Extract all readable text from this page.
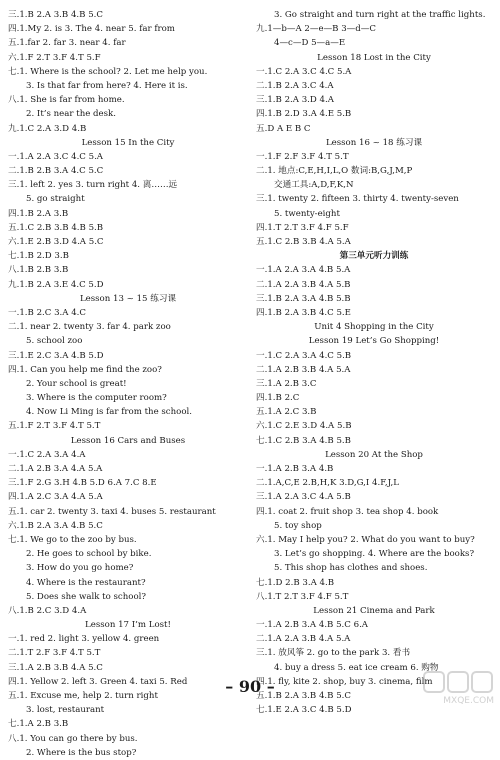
三.1.B 2.A 3.B 4.B 5.C
四.1.My 2. is 3. The 4. near 5. far from
五.1.far 2. far 3. near 4. far
六.1.F 2.T 3.F 4.T 5.F
七.1. Where is the school? 2. Let me help you.
3. Is that far from here? 4. Here it is.
八.1. She is far from home.
2. It’s near the desk.
九.1.C 2.A 3.D 4.B
Lesson 15 In the City
一.1.A 2.A 3.C 4.C 5.A
二.1.B 2.B 3.A 4.C 5.C
三.1. left 2. yes 3. turn right 4. 离……远
5. go straight
四.1.B 2.A 3.B
五.1.C 2.B 3.B 4.B 5.B
六.1.E 2.B 3.D 4.A 5.C
七.1.B 2.D 3.B
八.1.B 2.B 3.B
九.1.B 2.A 3.E 4.C 5.D
Lesson 13 ~ 15 练习课
一.1.B 2.C 3.A 4.C
二.1. near 2. twenty 3. far 4. park zoo
5. school zoo
三.1.E 2.C 3.A 4.B 5.D
四.1. Can you help me find the zoo?
2. Your school is great!
3. Where is the computer room?
4. Now Li Ming is far from the school.
五.1.F 2.T 3.F 4.T 5.T
Lesson 16 Cars and Buses
一.1.C 2.A 3.A 4.A
二.1.A 2.B 3.A 4.A 5.A
三.1.F 2.G 3.H 4.B 5.D 6.A 7.C 8.E
四.1.A 2.C 3.A 4.A 5.A
五.1. car 2. twenty 3. taxi 4. buses 5. restaurant
六.1.B 2.A 3.A 4.B 5.C
七.1. We go to the zoo by bus.
2. He goes to school by bike.
3. How do you go home?
4. Where is the restaurant?
5. Does she walk to school?
八.1.B 2.C 3.D 4.A
Lesson 17 I’m Lost!
一.1. red 2. light 3. yellow 4. green
二.1.T 2.F 3.F 4.T 5.T
三.1.A 2.B 3.B 4.A 5.C
四.1. Yellow 2. left 3. Green 4. taxi 5. Red
五.1. Excuse me, help 2. turn right
3. lost, restaurant
七.1.A 2.B 3.B
八.1. You can go there by bus.
2. Where is the bus stop?
3. Go straight and turn right at the traffic lights.
九.1—b—A 2—e—B 3—d—C
4—c—D 5—a—E
Lesson 18 Lost in the City
一.1.C 2.A 3.C 4.C 5.A
二.1.B 2.A 3.C 4.A
三.1.B 2.A 3.D 4.A
四.1.B 2.D 3.A 4.E 5.B
五.D A E B C
Lesson 16 ~ 18 练习课
一.1.F 2.F 3.F 4.T 5.T
二.1. 地点:C,E,H,I,L,O 数词:B,G,J,M,P
交通工具:A,D,F,K,N
三.1. twenty 2. fifteen 3. thirty 4. twenty-seven
5. twenty-eight
四.1.T 2.T 3.F 4.F 5.F
五.1.C 2.B 3.B 4.A 5.A
第三单元听力训练
一.1.A 2.A 3.A 4.B 5.A
二.1.A 2.A 3.B 4.A 5.B
三.1.B 2.A 3.A 4.B 5.B
四.1.B 2.A 3.B 4.C 5.E
Unit 4 Shopping in the City
Lesson 19 Let’s Go Shopping!
一.1.C 2.A 3.A 4.C 5.B
二.1.A 2.B 3.B 4.A 5.A
三.1.A 2.B 3.C
四.1.B 2.C
五.1.A 2.C 3.B
六.1.C 2.E 3.D 4.A 5.B
七.1.C 2.B 3.A 4.B 5.B
Lesson 20 At the Shop
一.1.A 2.B 3.A 4.B
二.1.A,C,E 2.B,H,K 3.D,G,I 4.F,J,L
三.1.A 2.A 3.C 4.A 5.B
四.1. coat 2. fruit shop 3. tea shop 4. book
5. toy shop
六.1. May I help you? 2. What do you want to buy?
3. Let’s go shopping. 4. Where are the books?
5. This shop has clothes and shoes.
七.1.D 2.B 3.A 4.B
八.1.T 2.T 3.F 4.F 5.T
Lesson 21 Cinema and Park
一.1.A 2.B 3.A 4.B 5.C 6.A
二.1.A 2.A 3.B 4.A 5.A
三.1. 放风筝 2. go to the park 3. 看书
4. buy a dress 5. eat ice cream 6. 购物
四.1. fly, kite 2. shop, buy 3. cinema, film
五.1.B 2.A 3.B 4.B 5.C
七.1.E 2.A 3.C 4.B 5.D
– 90 –
MXQE.COM
